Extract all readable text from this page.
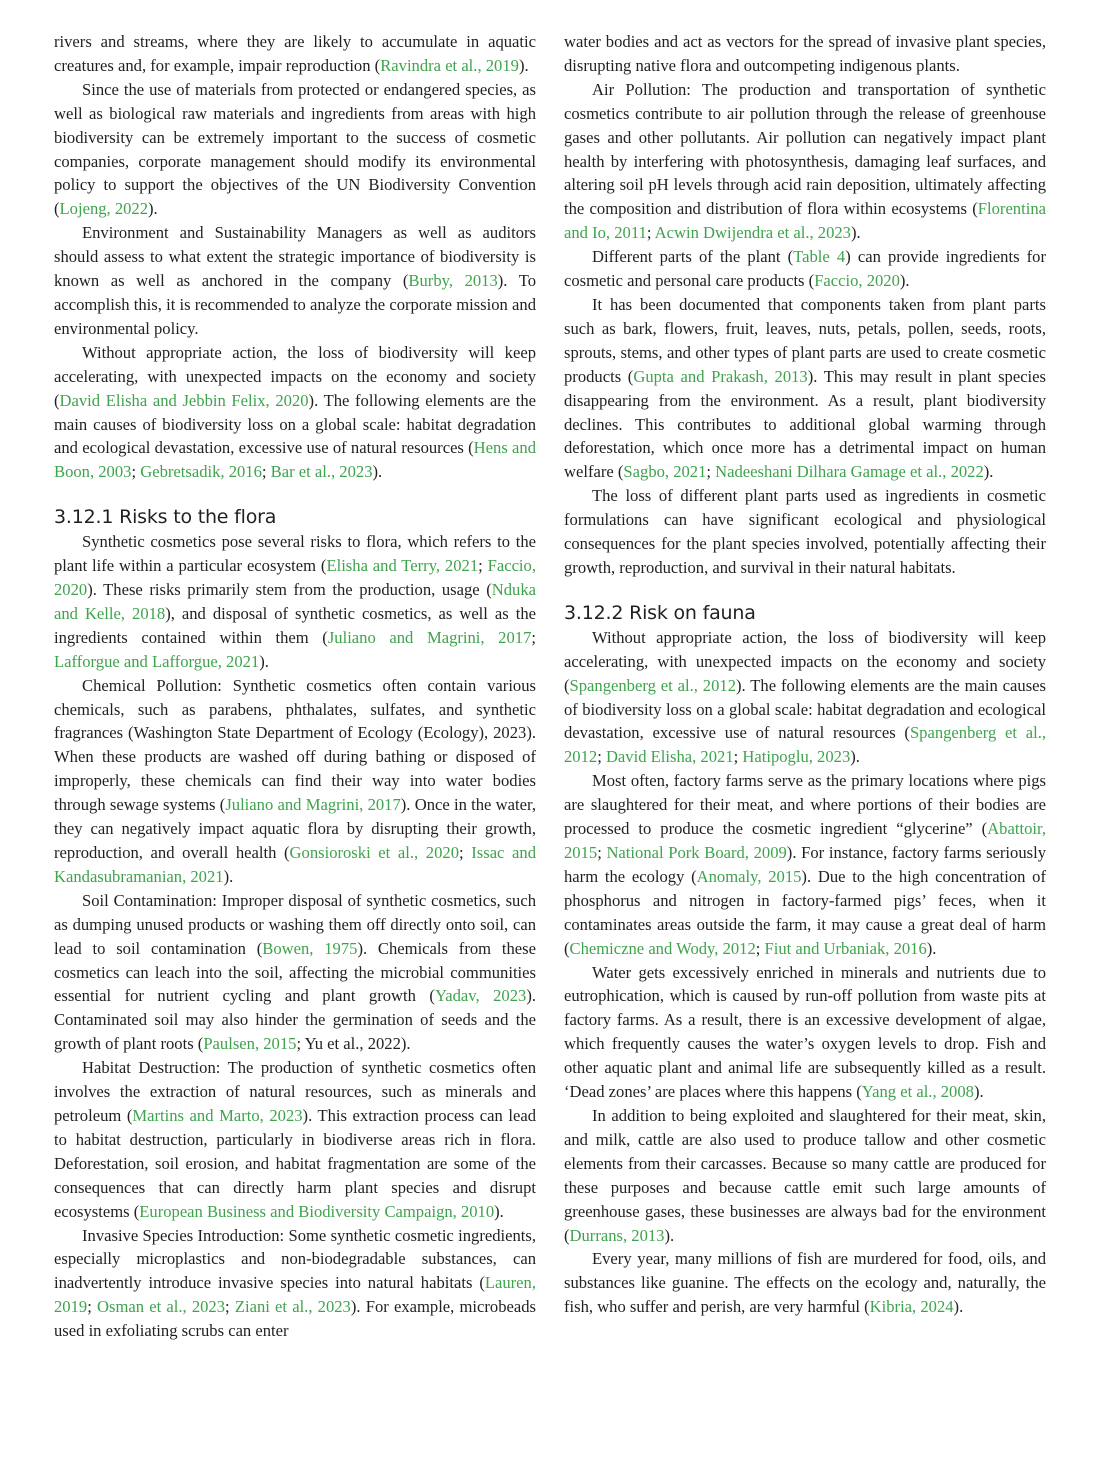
rivers and streams, where they are likely to accumulate in aquatic creatures and, for example, impair reproduction (Ravindra et al., 2019).

Since the use of materials from protected or endangered species, as well as biological raw materials and ingredients from areas with high biodiversity can be extremely important to the success of cosmetic companies, corporate management should modify its environmental policy to support the objectives of the UN Biodiversity Convention (Lojeng, 2022).

Environment and Sustainability Managers as well as auditors should assess to what extent the strategic importance of biodiversity is known as well as anchored in the company (Burby, 2013). To accomplish this, it is recommended to analyze the corporate mission and environmental policy.

Without appropriate action, the loss of biodiversity will keep accelerating, with unexpected impacts on the economy and society (David Elisha and Jebbin Felix, 2020). The following elements are the main causes of biodiversity loss on a global scale: habitat degradation and ecological devastation, excessive use of natural resources (Hens and Boon, 2003; Gebretsadik, 2016; Bar et al., 2023).

3.12.1 Risks to the flora

Synthetic cosmetics pose several risks to flora, which refers to the plant life within a particular ecosystem (Elisha and Terry, 2021; Faccio, 2020). These risks primarily stem from the production, usage (Nduka and Kelle, 2018), and disposal of synthetic cosmetics, as well as the ingredients contained within them (Juliano and Magrini, 2017; Lafforgue and Lafforgue, 2021).

Chemical Pollution: Synthetic cosmetics often contain various chemicals, such as parabens, phthalates, sulfates, and synthetic fragrances (Washington State Department of Ecology (Ecology), 2023). When these products are washed off during bathing or disposed of improperly, these chemicals can find their way into water bodies through sewage systems (Juliano and Magrini, 2017). Once in the water, they can negatively impact aquatic flora by disrupting their growth, reproduction, and overall health (Gonsioroski et al., 2020; Issac and Kandasubramanian, 2021).

Soil Contamination: Improper disposal of synthetic cosmetics, such as dumping unused products or washing them off directly onto soil, can lead to soil contamination (Bowen, 1975). Chemicals from these cosmetics can leach into the soil, affecting the microbial communities essential for nutrient cycling and plant growth (Yadav, 2023). Contaminated soil may also hinder the germination of seeds and the growth of plant roots (Paulsen, 2015; Yu et al., 2022).

Habitat Destruction: The production of synthetic cosmetics often involves the extraction of natural resources, such as minerals and petroleum (Martins and Marto, 2023). This extraction process can lead to habitat destruction, particularly in biodiverse areas rich in flora. Deforestation, soil erosion, and habitat fragmentation are some of the consequences that can directly harm plant species and disrupt ecosystems (European Business and Biodiversity Campaign, 2010).

Invasive Species Introduction: Some synthetic cosmetic ingredients, especially microplastics and non-biodegradable substances, can inadvertently introduce invasive species into natural habitats (Lauren, 2019; Osman et al., 2023; Ziani et al., 2023). For example, microbeads used in exfoliating scrubs can enter

water bodies and act as vectors for the spread of invasive plant species, disrupting native flora and outcompeting indigenous plants.

Air Pollution: The production and transportation of synthetic cosmetics contribute to air pollution through the release of greenhouse gases and other pollutants. Air pollution can negatively impact plant health by interfering with photosynthesis, damaging leaf surfaces, and altering soil pH levels through acid rain deposition, ultimately affecting the composition and distribution of flora within ecosystems (Florentina and Io, 2011; Acwin Dwijendra et al., 2023).

Different parts of the plant (Table 4) can provide ingredients for cosmetic and personal care products (Faccio, 2020).

It has been documented that components taken from plant parts such as bark, flowers, fruit, leaves, nuts, petals, pollen, seeds, roots, sprouts, stems, and other types of plant parts are used to create cosmetic products (Gupta and Prakash, 2013). This may result in plant species disappearing from the environment. As a result, plant biodiversity declines. This contributes to additional global warming through deforestation, which once more has a detrimental impact on human welfare (Sagbo, 2021; Nadeeshani Dilhara Gamage et al., 2022).

The loss of different plant parts used as ingredients in cosmetic formulations can have significant ecological and physiological consequences for the plant species involved, potentially affecting their growth, reproduction, and survival in their natural habitats.

3.12.2 Risk on fauna

Without appropriate action, the loss of biodiversity will keep accelerating, with unexpected impacts on the economy and society (Spangenberg et al., 2012). The following elements are the main causes of biodiversity loss on a global scale: habitat degradation and ecological devastation, excessive use of natural resources (Spangenberg et al., 2012; David Elisha, 2021; Hatipoglu, 2023).

Most often, factory farms serve as the primary locations where pigs are slaughtered for their meat, and where portions of their bodies are processed to produce the cosmetic ingredient “glycerine” (Abattoir, 2015; National Pork Board, 2009). For instance, factory farms seriously harm the ecology (Anomaly, 2015). Due to the high concentration of phosphorus and nitrogen in factory-farmed pigs’ feces, when it contaminates areas outside the farm, it may cause a great deal of harm (Chemiczne and Wody, 2012; Fiut and Urbaniak, 2016).

Water gets excessively enriched in minerals and nutrients due to eutrophication, which is caused by run-off pollution from waste pits at factory farms. As a result, there is an excessive development of algae, which frequently causes the water’s oxygen levels to drop. Fish and other aquatic plant and animal life are subsequently killed as a result. ‘Dead zones’ are places where this happens (Yang et al., 2008).

In addition to being exploited and slaughtered for their meat, skin, and milk, cattle are also used to produce tallow and other cosmetic elements from their carcasses. Because so many cattle are produced for these purposes and because cattle emit such large amounts of greenhouse gases, these businesses are always bad for the environment (Durrans, 2013).

Every year, many millions of fish are murdered for food, oils, and substances like guanine. The effects on the ecology and, naturally, the fish, who suffer and perish, are very harmful (Kibria, 2024).
